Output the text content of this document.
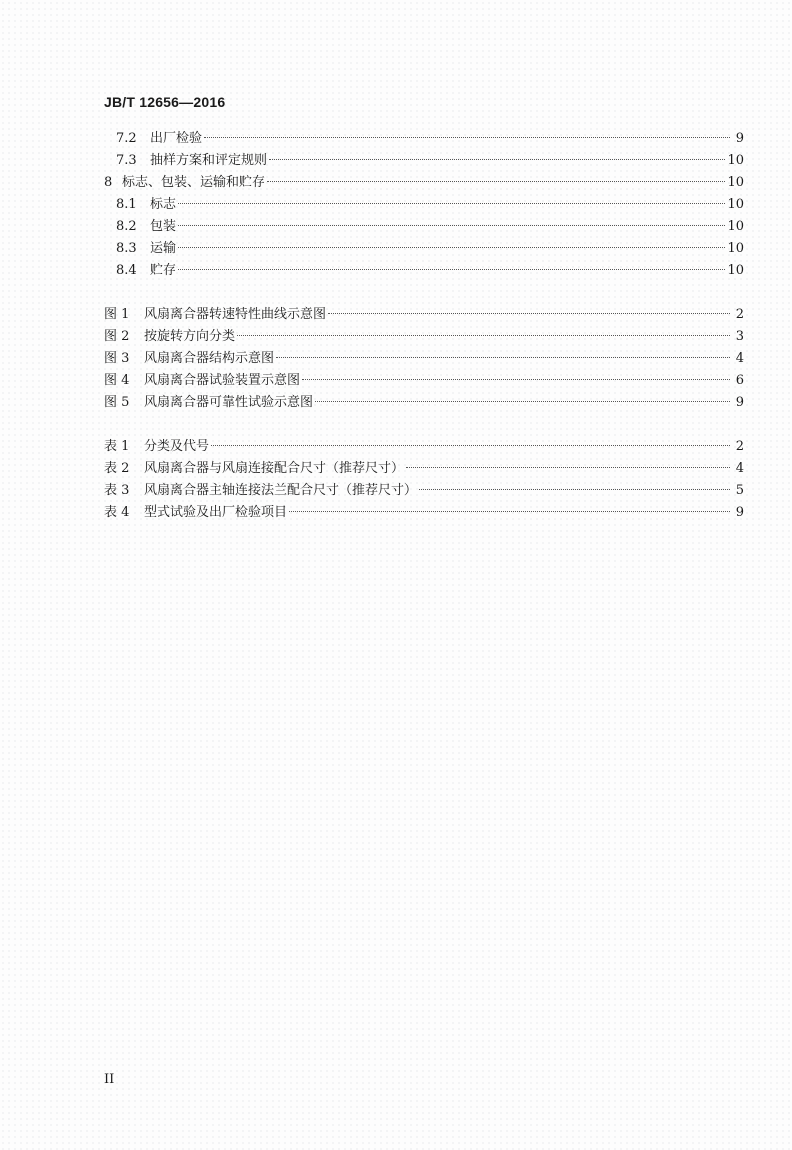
JB/T 12656—2016
7.2	出厂检验	9
7.3	抽样方案和评定规则	10
8 标志、包装、运输和贮存	10
8.1	标志	10
8.2	包装	10
8.3	运输	10
8.4	贮存	10
图 1	风扇离合器转速特性曲线示意图	2
图 2	按旋转方向分类	3
图 3	风扇离合器结构示意图	4
图 4	风扇离合器试验装置示意图	6
图 5	风扇离合器可靠性试验示意图	9
表 1	分类及代号	2
表 2	风扇离合器与风扇连接配合尺寸（推荐尺寸）	4
表 3	风扇离合器主轴连接法兰配合尺寸（推荐尺寸）	5
表 4	型式试验及出厂检验项目	9
II
